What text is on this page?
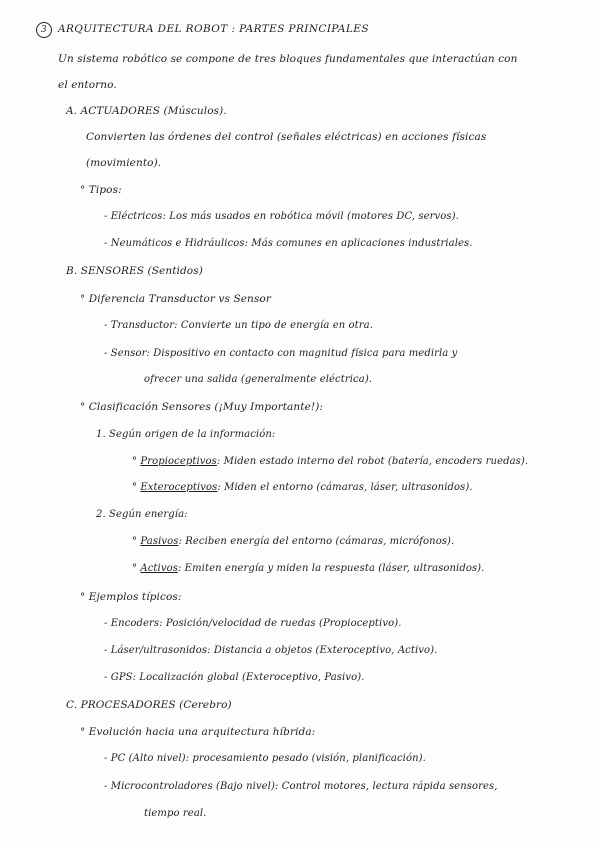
3 ARQUITECTURA DEL ROBOT : PARTES PRINCIPALES
Un sistema robótico se compone de tres bloques fundamentales que interactúan con
el entorno.
A. ACTUADORES (Músculos).
Convierten las órdenes del control (señales eléctricas) en acciones físicas
(movimiento).
° Tipos:
- Eléctricos: Los más usados en robótica móvil (motores DC, servos).
- Neumáticos e Hidráulicos: Más comunes en aplicaciones industriales.
B. SENSORES (Sentidos)
° Diferencia Transductor vs Sensor
- Transductor: Convierte un tipo de energía en otra.
- Sensor: Dispositivo en contacto con magnitud física para medirla y
ofrecer una salida (generalmente eléctrica).
° Clasificación Sensores (¡Muy Importante!):
1. Según origen de la información:
° Propioceptivos: Miden estado interno del robot (batería, encoders ruedas).
° Exteroceptivos: Miden el entorno (cámaras, láser, ultrasonidos).
2. Según energía:
° Pasivos: Reciben energía del entorno (cámaras, micrófonos).
° Activos: Emiten energía y miden la respuesta (láser, ultrasonidos).
° Ejemplos típicos:
- Encoders: Posición/velocidad de ruedas (Propioceptivo).
- Láser/ultrasonidos: Distancia a objetos (Exteroceptivo, Activo).
- GPS: Localización global (Exteroceptivo, Pasivo).
C. PROCESADORES (Cerebro)
° Evolución hacia una arquitectura híbrida:
- PC (Alto nivel): procesamiento pesado (visión, planificación).
- Microcontroladores (Bajo nivel): Control motores, lectura rápida sensores,
tiempo real.
